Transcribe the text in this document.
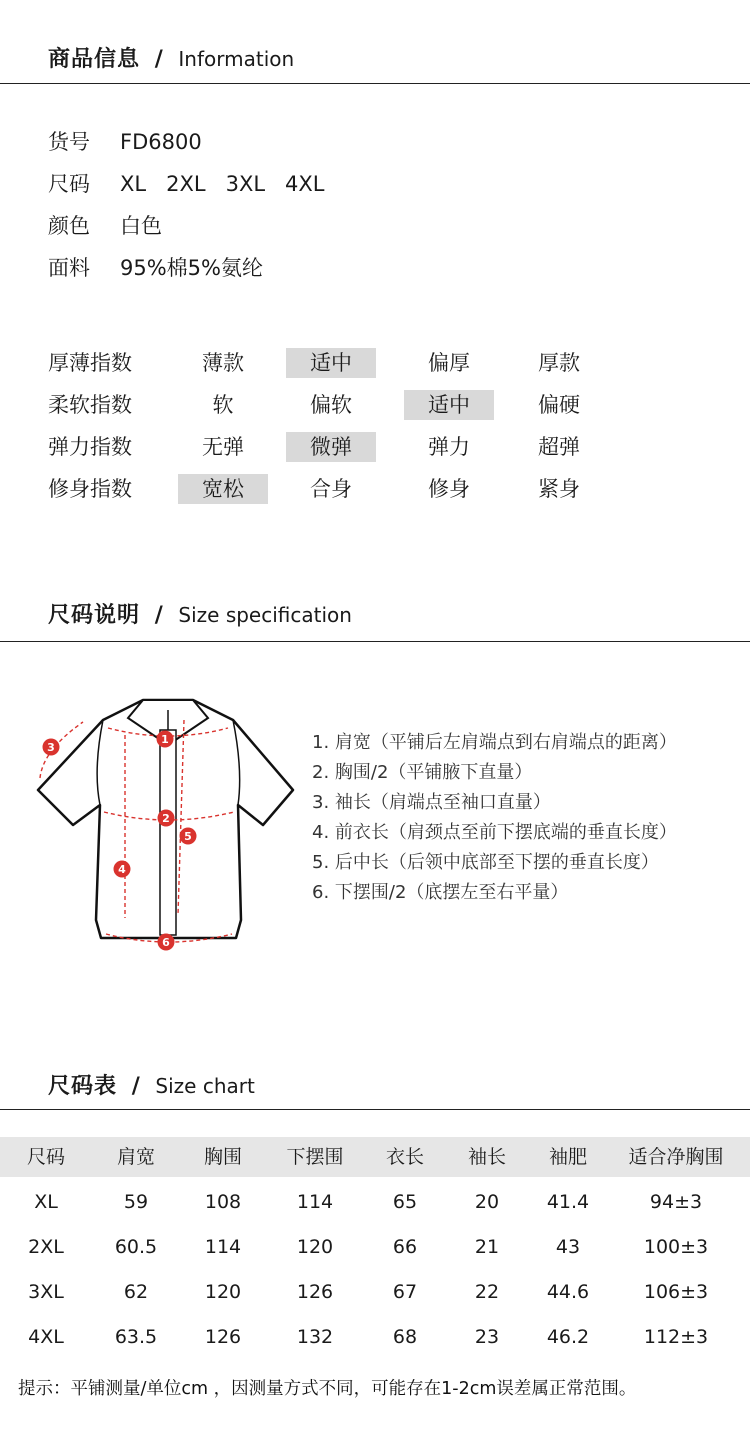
商品信息 / Information
货号 FD6800
尺码 XL   2XL   3XL   4XL
颜色 白色
面料 95%棉5%氨纶
厚薄指数	薄款	适中	偏厚	厚款
柔软指数	软	偏软	适中	偏硬
弹力指数	无弹	微弹	弹力	超弹
修身指数	宽松	合身	修身	紧身
尺码说明 / Size specification
1
2
3
4
5
6
1. 肩宽（平铺后左肩端点到右肩端点的距离）
2. 胸围/2（平铺腋下直量）
3. 袖长（肩端点至袖口直量）
4. 前衣长（肩颈点至前下摆底端的垂直长度）
5. 后中长（后领中底部至下摆的垂直长度）
6. 下摆围/2（底摆左至右平量）
尺码表 / Size chart
尺码	肩宽	胸围	下摆围	衣长	袖长	袖肥	适合净胸围
XL	59	108	114	65	20	41.4	94±3
2XL	60.5	114	120	66	21	43	100±3
3XL	62	120	126	67	22	44.6	106±3
4XL	63.5	126	132	68	23	46.2	112±3
提示：平铺测量/单位cm ，因测量方式不同，可能存在1-2cm误差属正常范围。
